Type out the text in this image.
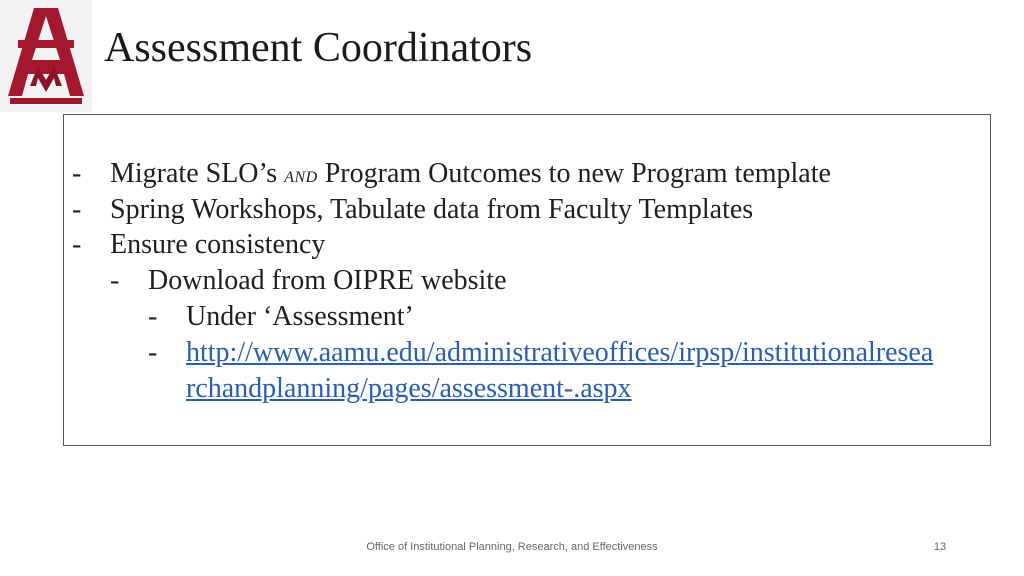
Assessment Coordinators
- Migrate SLO’s AND Program Outcomes to new Program template
- Spring Workshops, Tabulate data from Faculty Templates
- Ensure consistency
- Download from OIPRE website
- Under ‘Assessment’
- http://www.aamu.edu/administrativeoffices/irpsp/institutionalresea
rchandplanning/pages/assessment-.aspx
Office of Institutional Planning, Research, and Effectiveness	13
